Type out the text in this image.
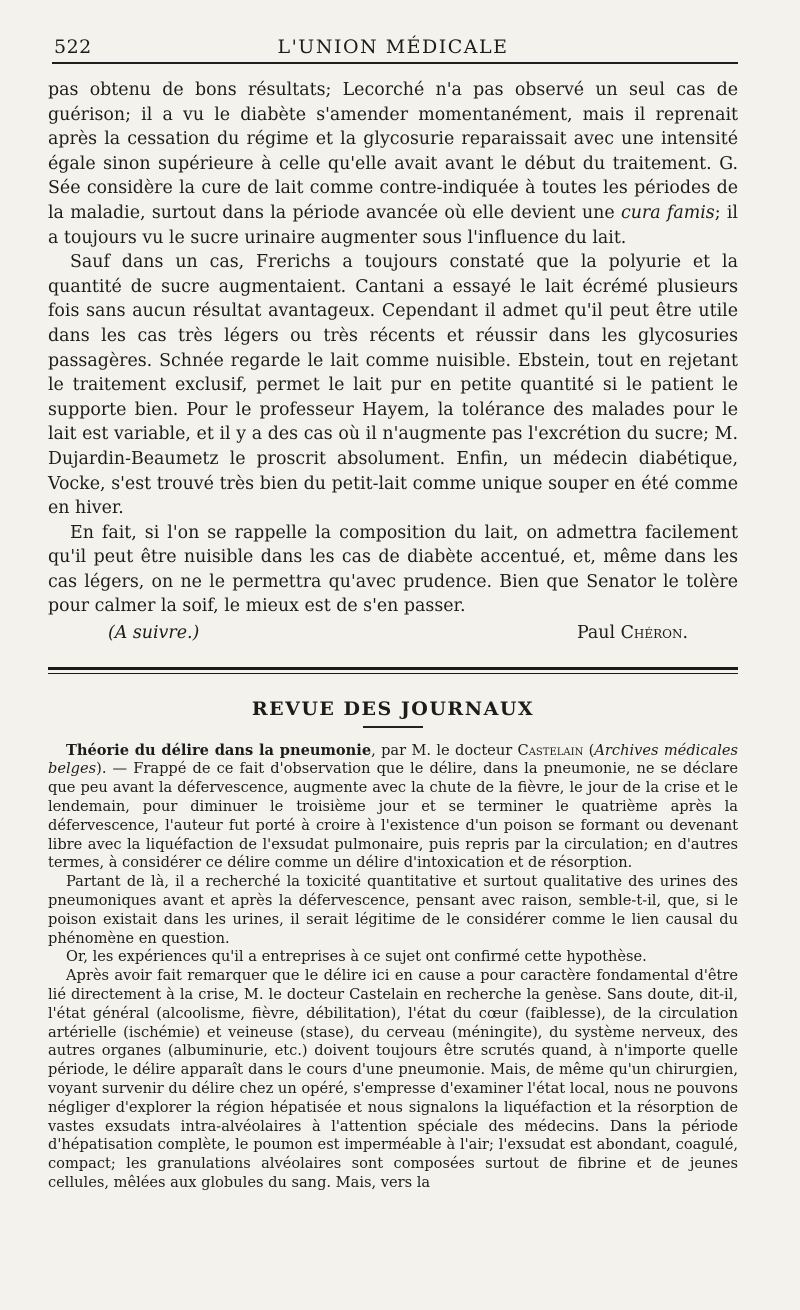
522	L'UNION MÉDICALE

pas obtenu de bons résultats; Lecorché n'a pas observé un seul cas de guérison; il a vu le diabète s'amender momentanément, mais il reprenait après la cessation du régime et la glycosurie reparaissait avec une intensité égale sinon supérieure à celle qu'elle avait avant le début du traitement. G. Sée considère la cure de lait comme contre-indiquée à toutes les périodes de la maladie, surtout dans la période avancée où elle devient une cura famis; il a toujours vu le sucre urinaire augmenter sous l'influence du lait.

Sauf dans un cas, Frerichs a toujours constaté que la polyurie et la quantité de sucre augmentaient. Cantani a essayé le lait écrémé plusieurs fois sans aucun résultat avantageux. Cependant il admet qu'il peut être utile dans les cas très légers ou très récents et réussir dans les glycosuries passagères. Schnée regarde le lait comme nuisible. Ebstein, tout en rejetant le traitement exclusif, permet le lait pur en petite quantité si le patient le supporte bien. Pour le professeur Hayem, la tolérance des malades pour le lait est variable, et il y a des cas où il n'augmente pas l'excrétion du sucre; M. Dujardin-Beaumetz le proscrit absolument. Enfin, un médecin diabétique, Vocke, s'est trouvé très bien du petit-lait comme unique souper en été comme en hiver.

En fait, si l'on se rappelle la composition du lait, on admettra facilement qu'il peut être nuisible dans les cas de diabète accentué, et, même dans les cas légers, on ne le permettra qu'avec prudence. Bien que Senator le tolère pour calmer la soif, le mieux est de s'en passer.

(A suivre.)	Paul Chéron.
REVUE DES JOURNAUX

Théorie du délire dans la pneumonie, par M. le docteur Castelain (Archives médicales belges). — Frappé de ce fait d'observation que le délire, dans la pneumonie, ne se déclare que peu avant la défervescence, augmente avec la chute de la fièvre, le jour de la crise et le lendemain, pour diminuer le troisième jour et se terminer le quatrième après la défervescence, l'auteur fut porté à croire à l'existence d'un poison se formant ou devenant libre avec la liquéfaction de l'exsudat pulmonaire, puis repris par la circulation; en d'autres termes, à considérer ce délire comme un délire d'intoxication et de résorption.

Partant de là, il a recherché la toxicité quantitative et surtout qualitative des urines des pneumoniques avant et après la défervescence, pensant avec raison, semble-t-il, que, si le poison existait dans les urines, il serait légitime de le considérer comme le lien causal du phénomène en question.

Or, les expériences qu'il a entreprises à ce sujet ont confirmé cette hypothèse.

Après avoir fait remarquer que le délire ici en cause a pour caractère fondamental d'être lié directement à la crise, M. le docteur Castelain en recherche la genèse. Sans doute, dit-il, l'état général (alcoolisme, fièvre, débilitation), l'état du cœur (faiblesse), de la circulation artérielle (ischémie) et veineuse (stase), du cerveau (méningite), du système nerveux, des autres organes (albuminurie, etc.) doivent toujours être scrutés quand, à n'importe quelle période, le délire apparaît dans le cours d'une pneumonie. Mais, de même qu'un chirurgien, voyant survenir du délire chez un opéré, s'empresse d'examiner l'état local, nous ne pouvons négliger d'explorer la région hépatisée et nous signalons la liquéfaction et la résorption de vastes exsudats intra-alvéolaires à l'attention spéciale des médecins. Dans la période d'hépatisation complète, le poumon est imperméable à l'air; l'exsudat est abondant, coagulé, compact; les granulations alvéolaires sont composées surtout de fibrine et de jeunes cellules, mêlées aux globules du sang. Mais, vers la
